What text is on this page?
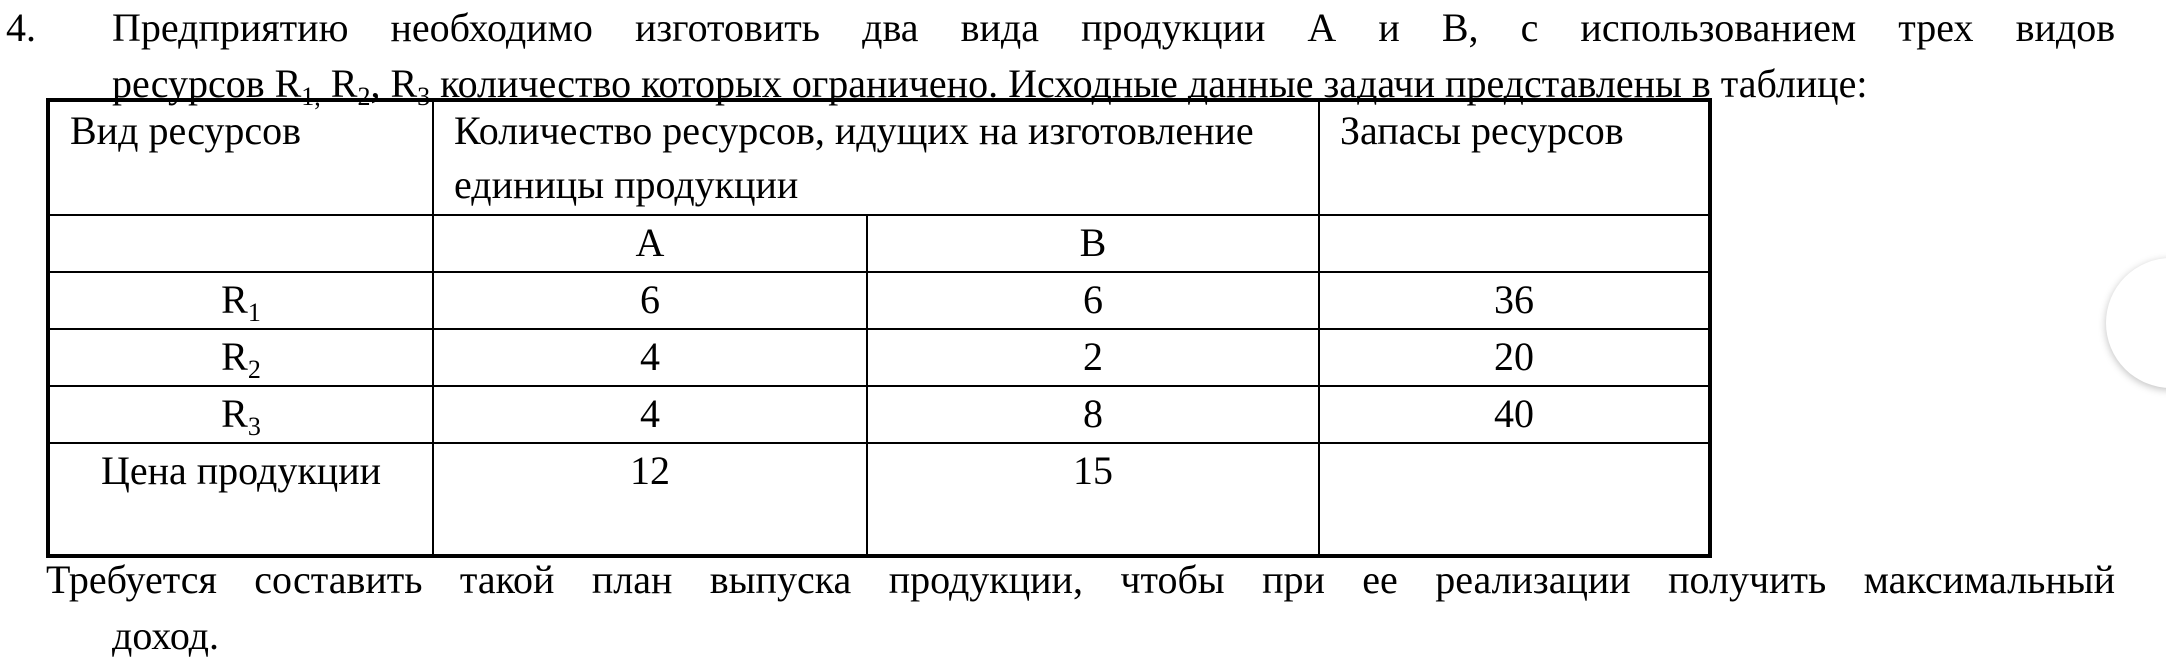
4. Предприятию необходимо изготовить два вида продукции А и В, с использованием трех видов
ресурсов $R_{1,}$ $R_2$, $R_3$ количество которых ограничено. Исходные данные задачи представлены в таблице:
Вид ресурсов	Количество ресурсов, идущих на изготовление единицы продукции		Запасы ресурсов
	А	В	
$R_1$	6	6	36
$R_2$	4	2	20
$R_3$	4	8	40
Цена продукции	12	15	
Требуется составить такой план выпуска продукции, чтобы при ее реализации получить максимальный
доход.
